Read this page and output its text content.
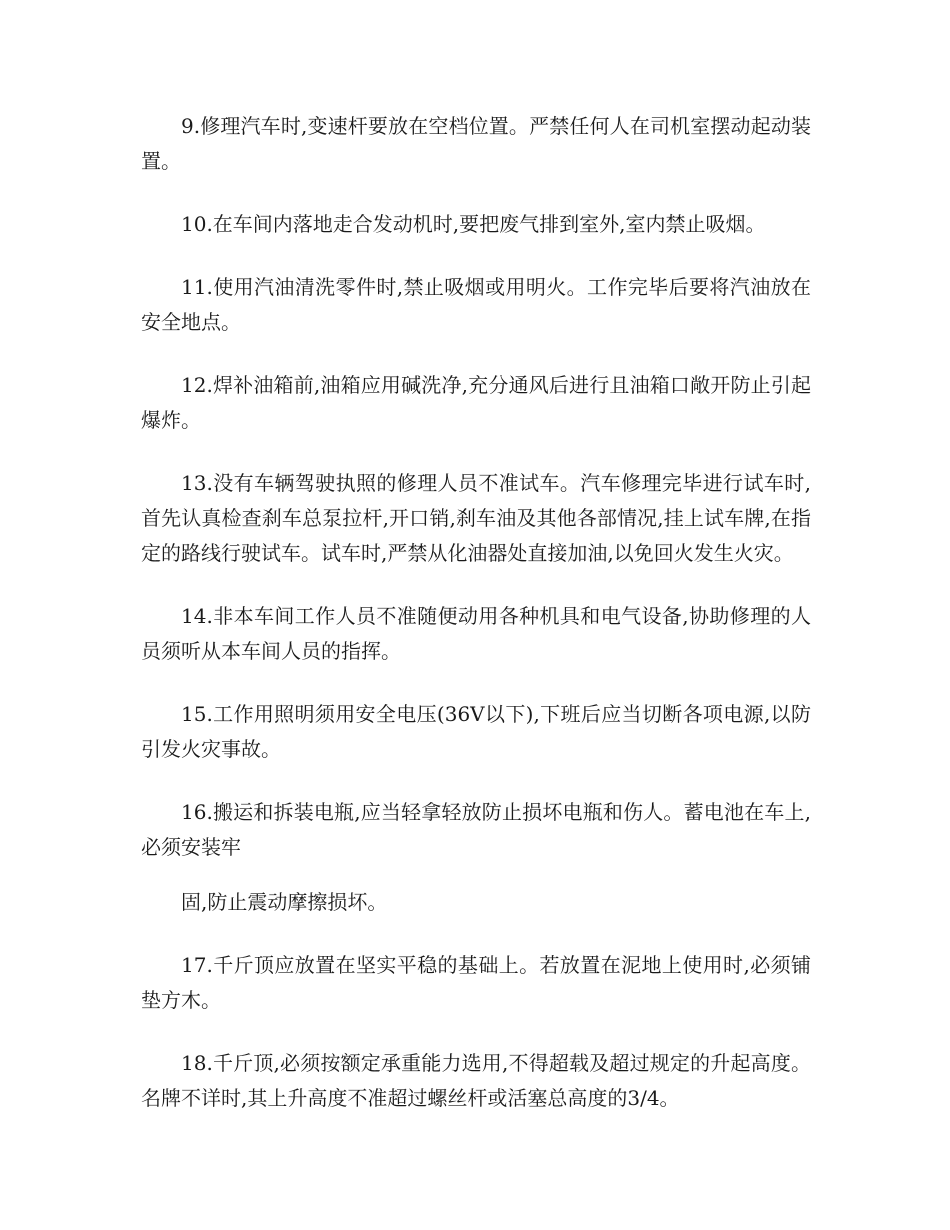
9.修理汽车时,变速杆要放在空档位置。严禁任何人在司机室摆动起动装置。

10.在车间内落地走合发动机时,要把废气排到室外,室内禁止吸烟。

11.使用汽油清洗零件时,禁止吸烟或用明火。工作完毕后要将汽油放在安全地点。

12.焊补油箱前,油箱应用碱洗净,充分通风后进行且油箱口敞开防止引起爆炸。

13.没有车辆驾驶执照的修理人员不准试车。汽车修理完毕进行试车时,首先认真检查刹车总泵拉杆,开口销,刹车油及其他各部情况,挂上试车牌,在指定的路线行驶试车。试车时,严禁从化油器处直接加油,以免回火发生火灾。

14.非本车间工作人员不准随便动用各种机具和电气设备,协助修理的人员须听从本车间人员的指挥。

15.工作用照明须用安全电压(36V以下),下班后应当切断各项电源,以防引发火灾事故。

16.搬运和拆装电瓶,应当轻拿轻放防止损坏电瓶和伤人。蓄电池在车上,必须安装牢

固,防止震动摩擦损坏。

17.千斤顶应放置在坚实平稳的基础上。若放置在泥地上使用时,必须铺垫方木。

18.千斤顶,必须按额定承重能力选用,不得超载及超过规定的升起高度。名牌不详时,其上升高度不准超过螺丝杆或活塞总高度的3/4。
